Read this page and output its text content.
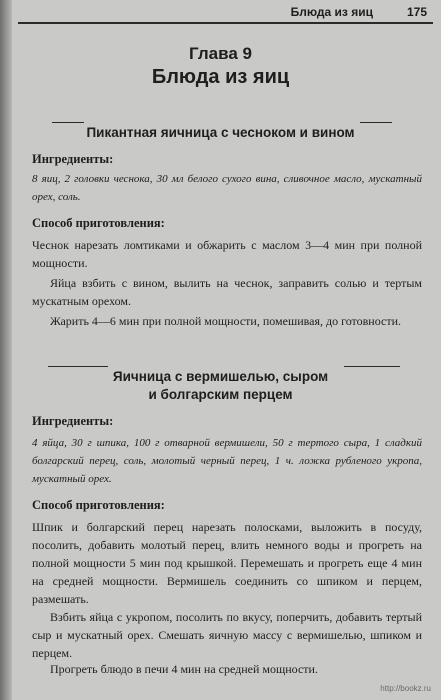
Блюда из яиц	175
Глава 9
Блюда из яиц
Пикантная яичница с чесноком и вином
Ингредиенты:
8 яиц, 2 головки чеснока, 30 мл белого сухого вина, сливочное масло, мускатный орех, соль.
Способ приготовления:
Чеснок нарезать ломтиками и обжарить с маслом 3—4 мин при полной мощности.
Яйца взбить с вином, вылить на чеснок, заправить солью и тертым мускатным орехом.
Жарить 4—6 мин при полной мощности, помешивая, до готовности.
Яичница с вермишелью, сыром
и болгарским перцем
Ингредиенты:
4 яйца, 30 г шпика, 100 г отварной вермишели, 50 г тертого сыра, 1 сладкий болгарский перец, соль, молотый черный перец, 1 ч. ложка рубленого укропа, мускатный орех.
Способ приготовления:
Шпик и болгарский перец нарезать полосками, выложить в посуду, посолить, добавить молотый перец, влить немного воды и прогреть на полной мощности 5 мин под крышкой. Перемешать и прогреть еще 4 мин на средней мощности. Вермишель соединить со шпиком и перцем, размешать.
Взбить яйца с укропом, посолить по вкусу, поперчить, добавить тертый сыр и мускатный орех. Смешать яичную массу с вермишелью, шпиком и перцем.
Прогреть блюдо в печи 4 мин на средней мощности.
http://bookz.ru
